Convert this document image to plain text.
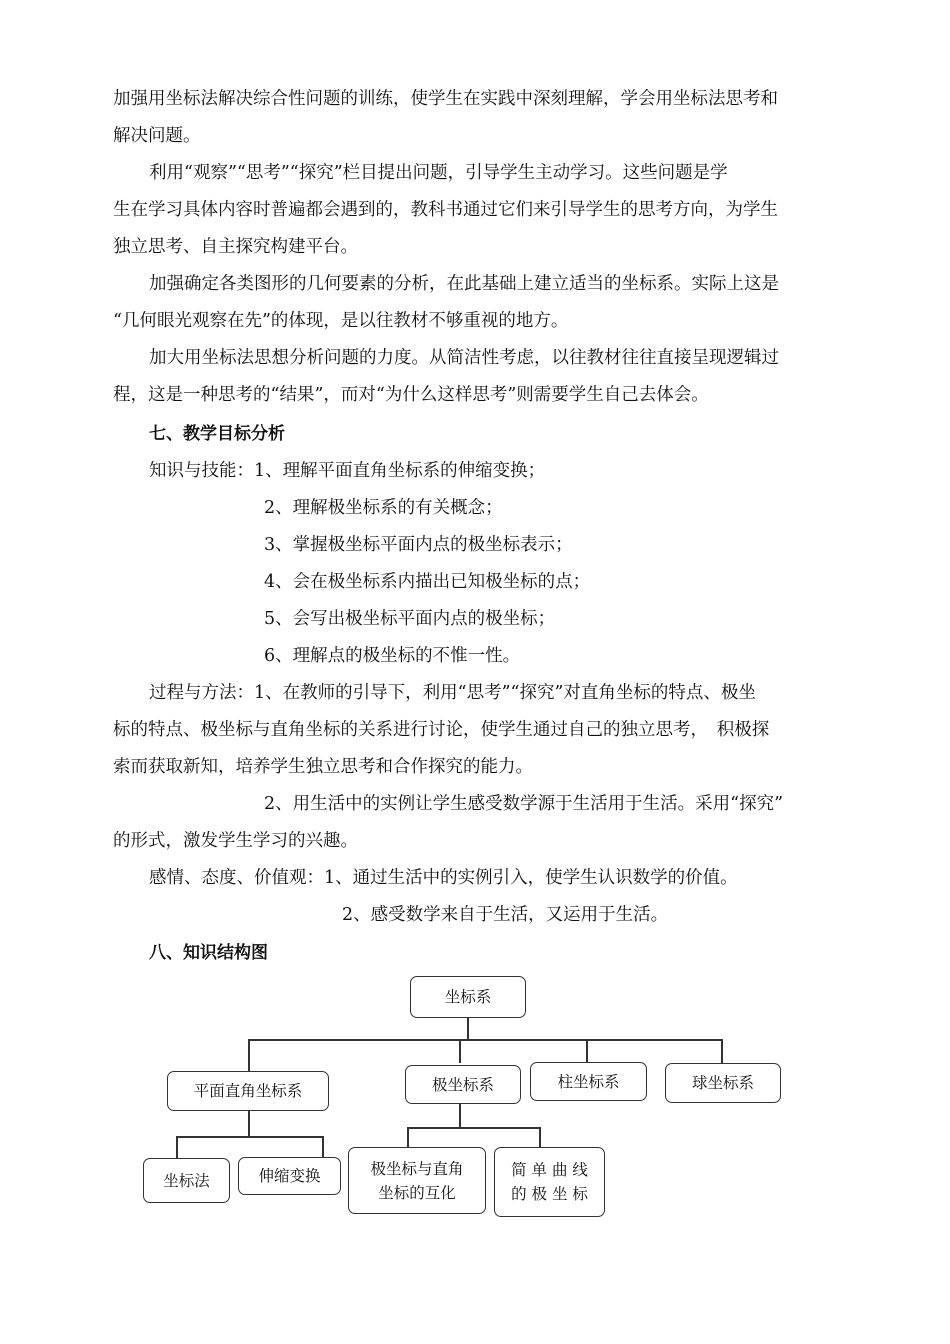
加强用坐标法解决综合性问题的训练，使学生在实践中深刻理解，学会用坐标法思考和
解决问题。
利用“观察”“思考”“探究”栏目提出问题，引导学生主动学习。这些问题是学
生在学习具体内容时普遍都会遇到的，教科书通过它们来引导学生的思考方向，为学生
独立思考、自主探究构建平台。
加强确定各类图形的几何要素的分析，在此基础上建立适当的坐标系。实际上这是
“几何眼光观察在先”的体现，是以往教材不够重视的地方。
加大用坐标法思想分析问题的力度。从简洁性考虑，以往教材往往直接呈现逻辑过
程，这是一种思考的“结果”，而对“为什么这样思考”则需要学生自己去体会。
七、教学目标分析
知识与技能：1、理解平面直角坐标系的伸缩变换；
2、理解极坐标系的有关概念；
3、掌握极坐标平面内点的极坐标表示；
4、会在极坐标系内描出已知极坐标的点；
5、会写出极坐标平面内点的极坐标；
6、理解点的极坐标的不惟一性。
过程与方法：1、在教师的引导下，利用“思考”“探究”对直角坐标的特点、极坐
标的特点、极坐标与直角坐标的关系进行讨论，使学生通过自己的独立思考，　积极探
索而获取新知，培养学生独立思考和合作探究的能力。
2、用生活中的实例让学生感受数学源于生活用于生活。采用“探究”
的形式，激发学生学习的兴趣。
感情、态度、价值观：1、通过生活中的实例引入，使学生认识数学的价值。
2、感受数学来自于生活，又运用于生活。
八、知识结构图
坐标系
平面直角坐标系	极坐标系	柱坐标系	球坐标系
坐标法	伸缩变换	极坐标与直角
坐标的互化
简 单 曲 线
的 极 坐 标
